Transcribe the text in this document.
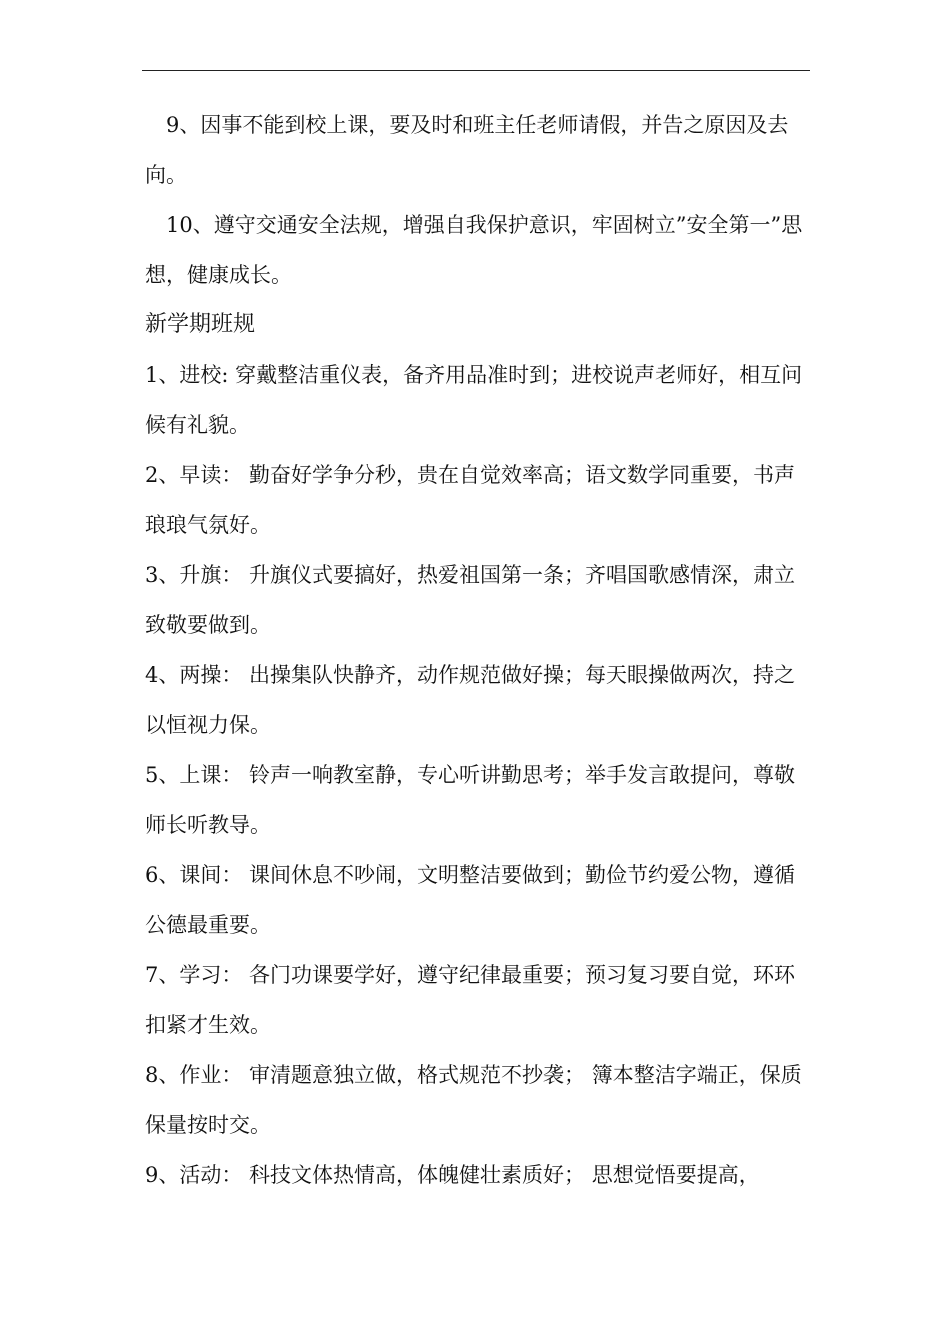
9、因事不能到校上课，要及时和班主任老师请假，并告之原因及去向。

10、遵守交通安全法规，增强自我保护意识，牢固树立”安全第一”思想，健康成长。

新学期班规

1、进校: 穿戴整洁重仪表，备齐用品准时到；进校说声老师好，相互问候有礼貌。

2、早读： 勤奋好学争分秒，贵在自觉效率高；语文数学同重要，书声琅琅气氛好。

3、升旗： 升旗仪式要搞好，热爱祖国第一条；齐唱国歌感情深，肃立致敬要做到。

4、两操： 出操集队快静齐，动作规范做好操；每天眼操做两次，持之以恒视力保。

5、上课： 铃声一响教室静，专心听讲勤思考；举手发言敢提问，尊敬师长听教导。

6、课间： 课间休息不吵闹，文明整洁要做到；勤俭节约爱公物，遵循公德最重要。

7、学习： 各门功课要学好，遵守纪律最重要；预习复习要自觉，环环扣紧才生效。

8、作业： 审清题意独立做，格式规范不抄袭； 簿本整洁字端正，保质保量按时交。

9、活动： 科技文体热情高，体魄健壮素质好； 思想觉悟要提高，
